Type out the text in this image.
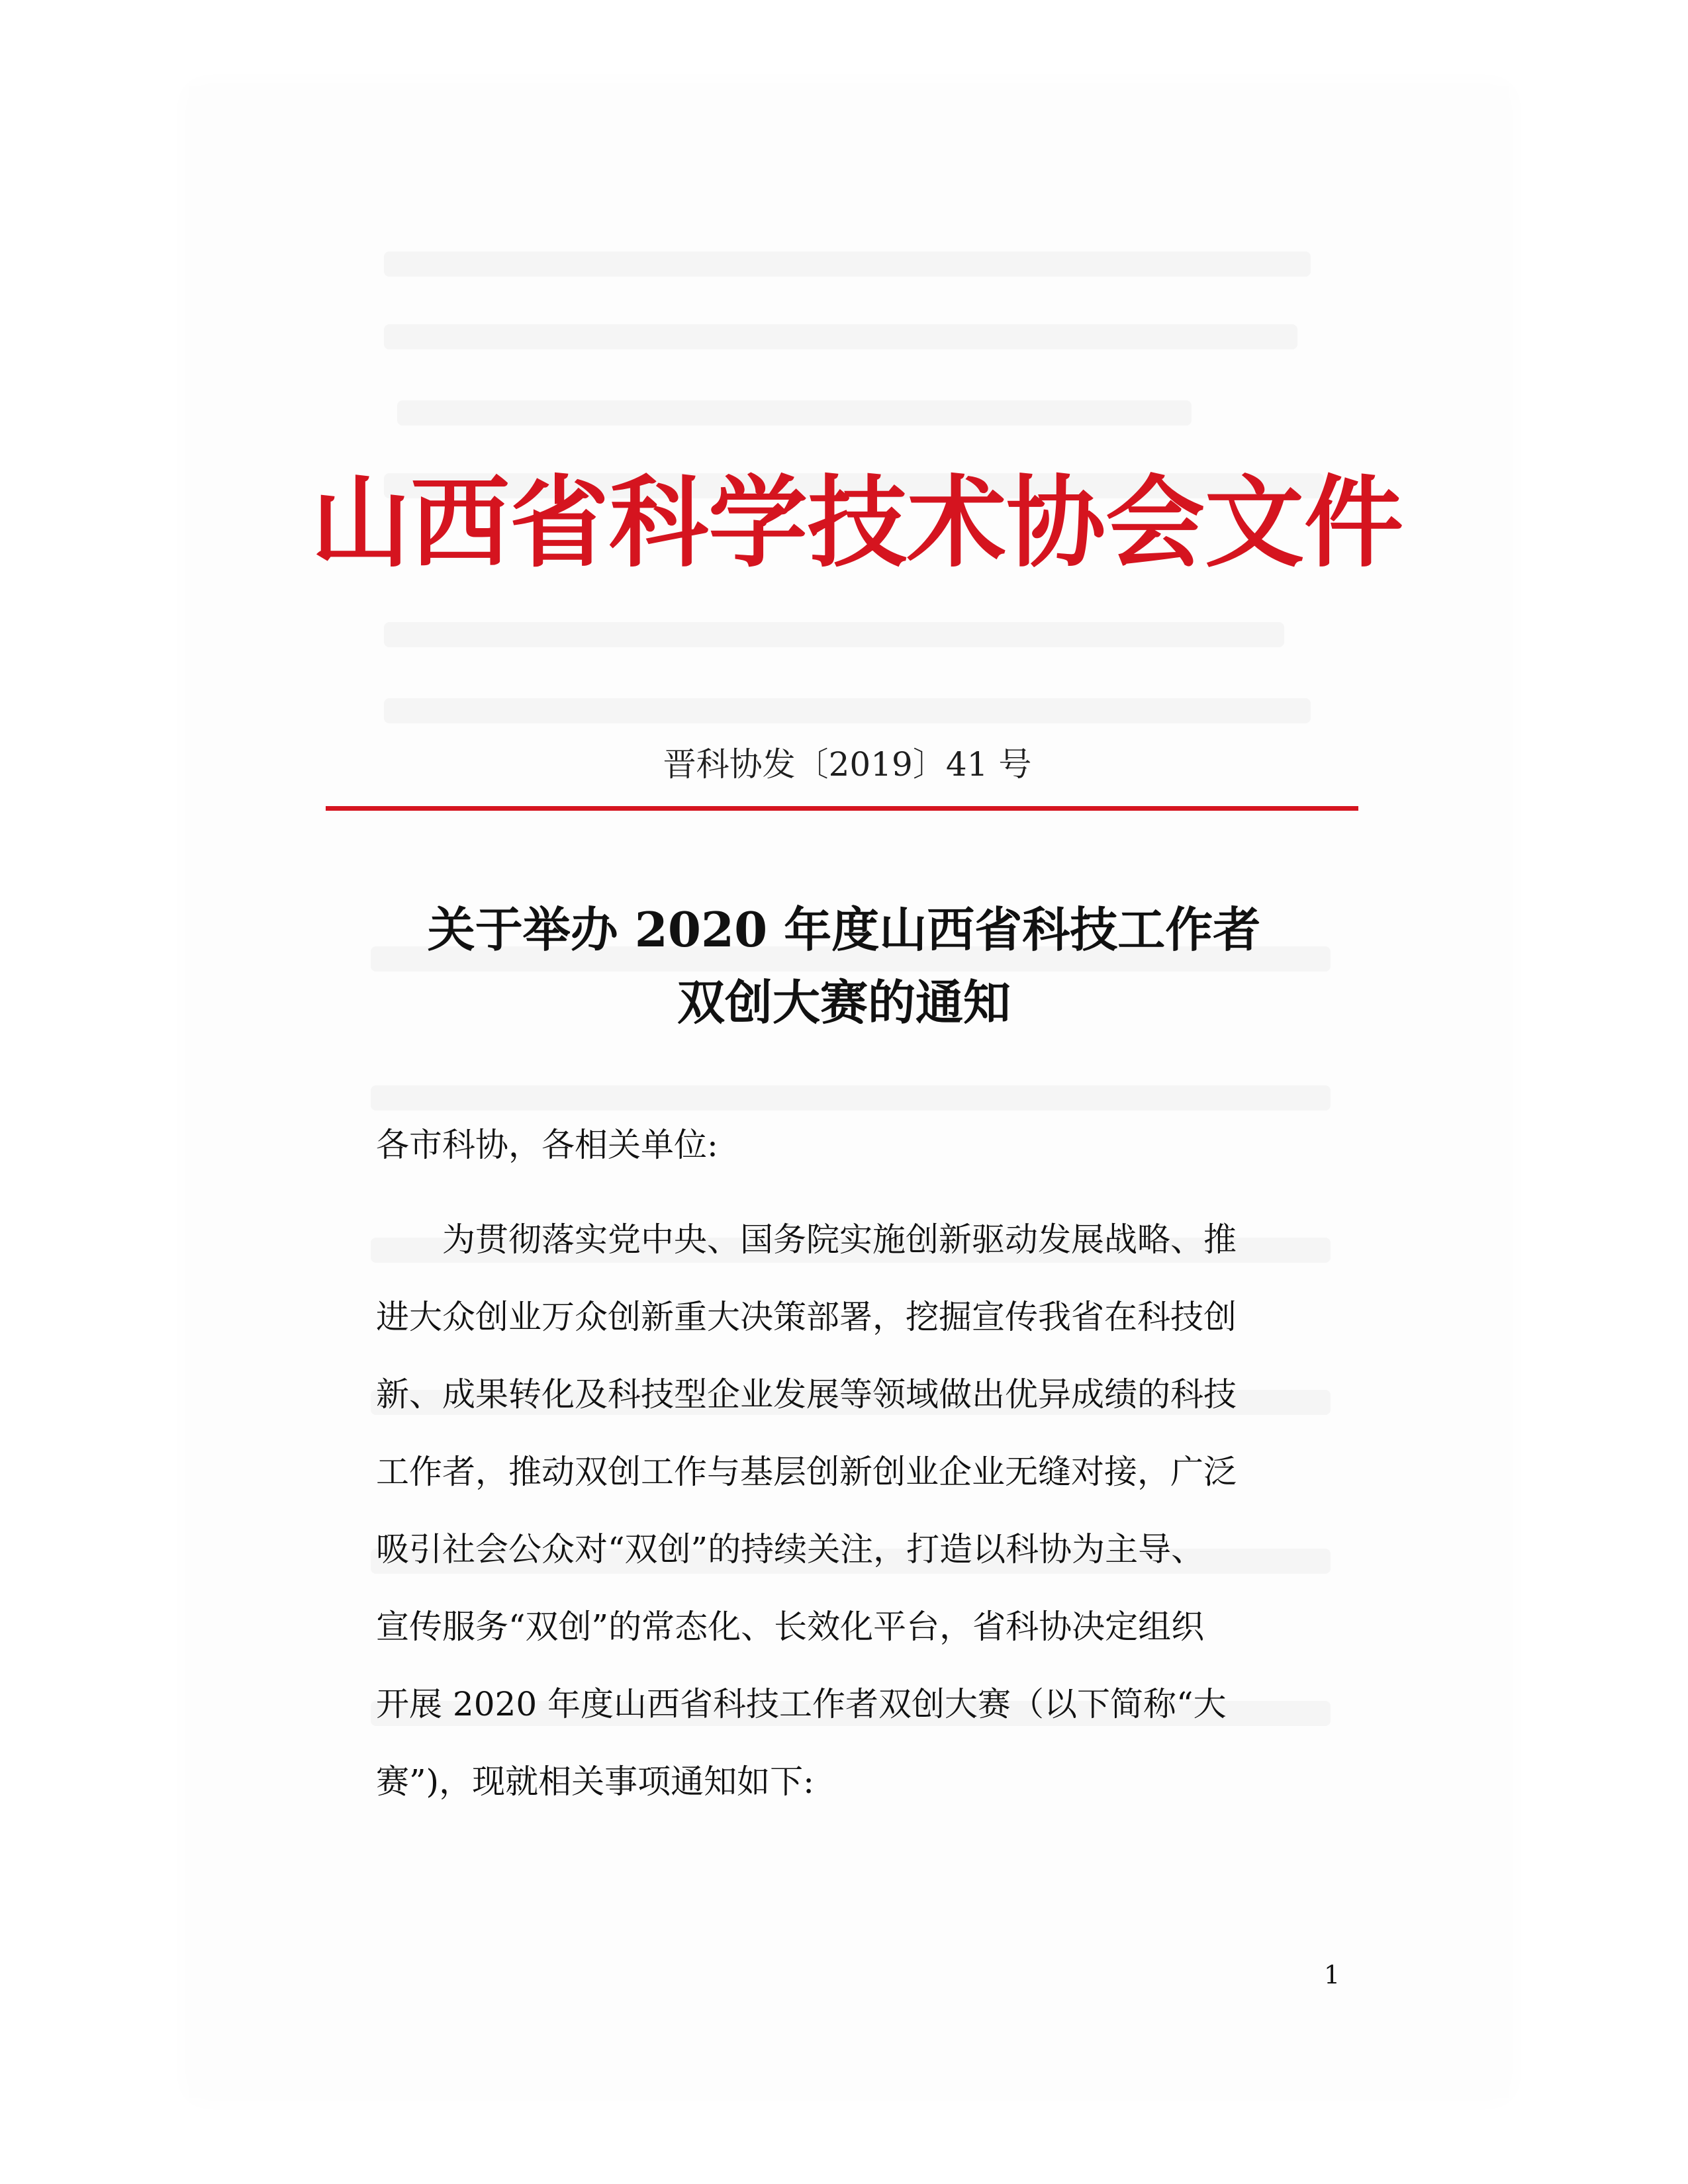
山西省科学技术协会文件
晋科协发〔2019〕41 号
关于举办 2020 年度山西省科技工作者
双创大赛的通知
各市科协，各相关单位:
为贯彻落实党中央、国务院实施创新驱动发展战略、推
进大众创业万众创新重大决策部署，挖掘宣传我省在科技创
新、成果转化及科技型企业发展等领域做出优异成绩的科技
工作者，推动双创工作与基层创新创业企业无缝对接，广泛
吸引社会公众对“双创”的持续关注，打造以科协为主导、
宣传服务“双创”的常态化、长效化平台，省科协决定组织
开展 2020 年度山西省科技工作者双创大赛（以下简称“大
赛”)，现就相关事项通知如下:
1
